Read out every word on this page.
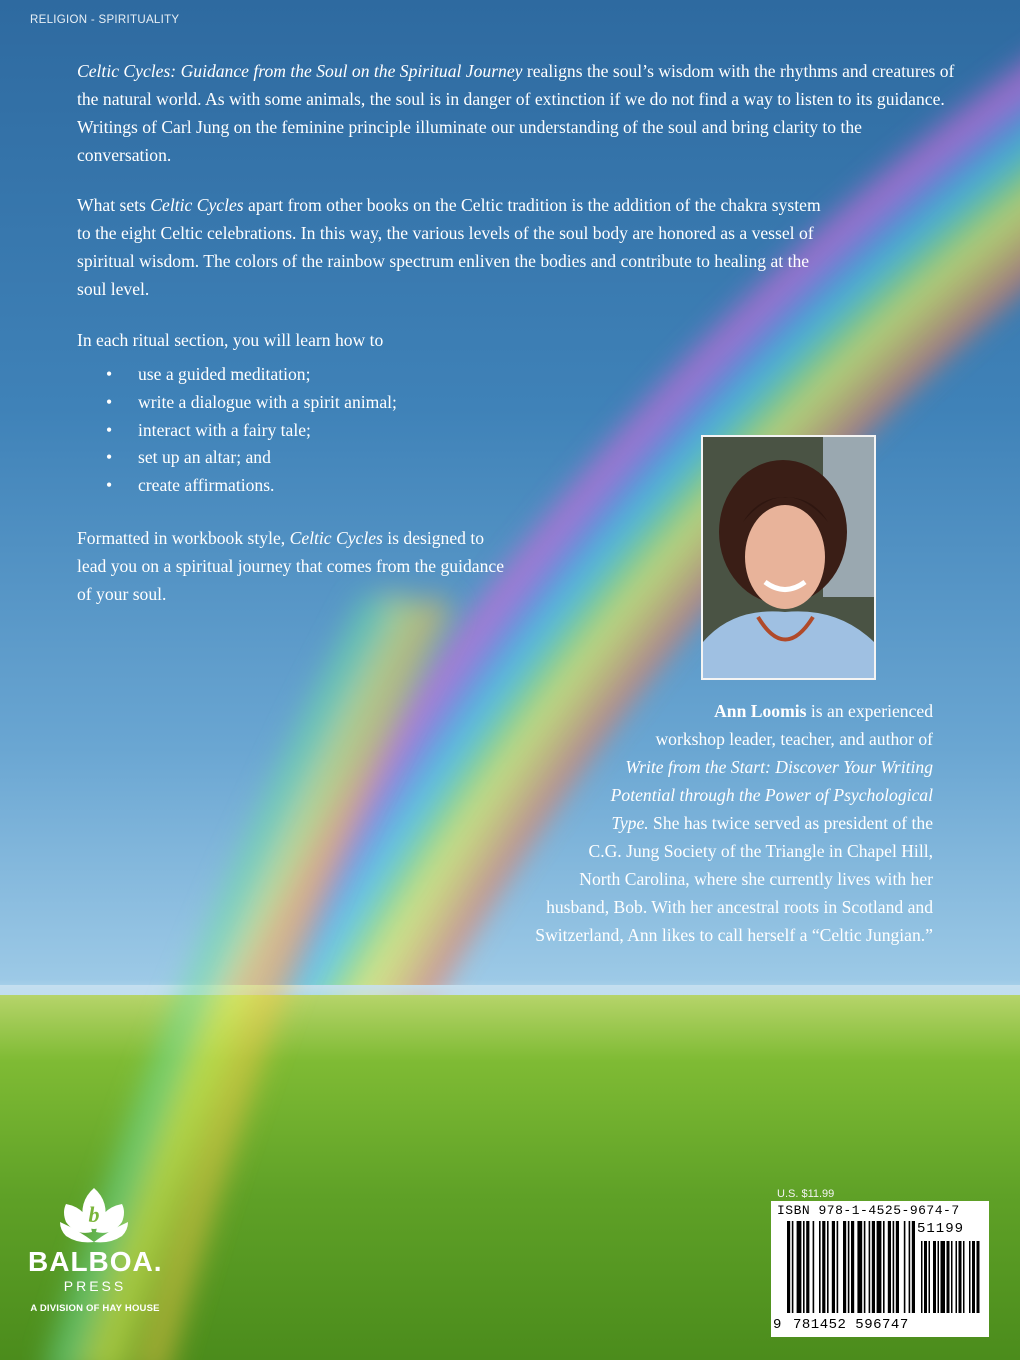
RELIGION - SPIRITUALITY
Celtic Cycles: Guidance from the Soul on the Spiritual Journey realigns the soul’s wisdom with the rhythms and creatures of the natural world. As with some animals, the soul is in danger of extinction if we do not find a way to listen to its guidance. Writings of Carl Jung on the feminine principle illuminate our understanding of the soul and bring clarity to the conversation.
What sets Celtic Cycles apart from other books on the Celtic tradition is the addition of the chakra system to the eight Celtic celebrations. In this way, the various levels of the soul body are honored as a vessel of spiritual wisdom. The colors of the rainbow spectrum enliven the bodies and contribute to healing at the soul level.
In each ritual section, you will learn how to
• use a guided meditation;
• write a dialogue with a spirit animal;
• interact with a fairy tale;
• set up an altar; and
• create affirmations.
Formatted in workbook style, Celtic Cycles is designed to lead you on a spiritual journey that comes from the guidance of your soul.
Ann Loomis is an experienced
workshop leader, teacher, and author of
Write from the Start: Discover Your Writing
Potential through the Power of Psychological
Type. She has twice served as president of the
C.G. Jung Society of the Triangle in Chapel Hill,
North Carolina, where she currently lives with her
husband, Bob. With her ancestral roots in Scotland and
Switzerland, Ann likes to call herself a “Celtic Jungian.”
b
BALBOA.
PRESS
A DIVISION OF HAY HOUSE
U.S. $11.99
ISBN 978-1-4525-9674-7
51199
9 781452 596747
